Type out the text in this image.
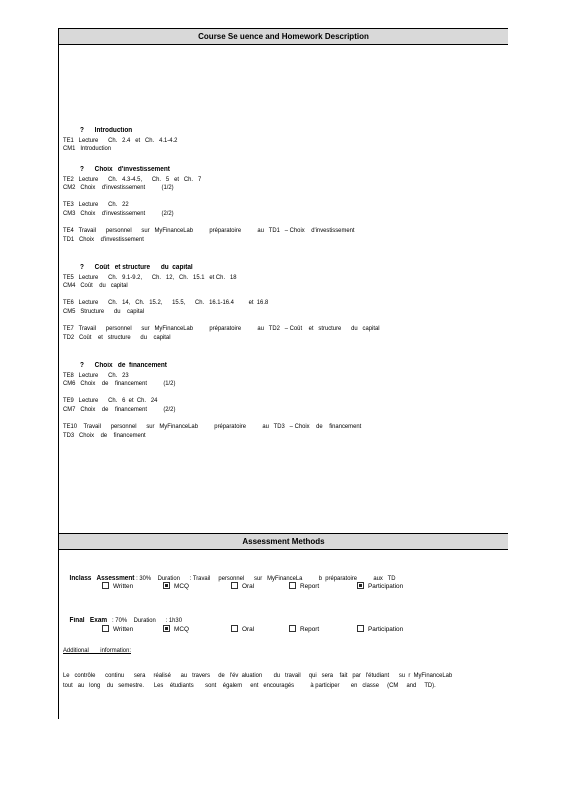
Course Se uence and Homework Description
?      Introduction
TE1   Lecture      Ch.   2.4   et   Ch.   4.1-4.2
CM1   Introduction
?      Choix   d'investissement
TE2   Lecture      Ch.   4.3-4.5,      Ch.   5   et   Ch.   7
CM2   Choix    d'investissement          (1/2)
TE3   Lecture      Ch.   22
CM3   Choix    d'investissement          (2/2)
TE4   Travail      personnel      sur   MyFinanceLab          préparatoire          au   TD1   – Choix    d'investissement
TD1   Choix    d'investissement
?      Coût   et structure      du  capital
TE5   Lecture      Ch.   9.1-9.2,      Ch.   12,   Ch.   15.1   et Ch.   18
CM4   Coût    du   capital
TE6   Lecture      Ch.   14,   Ch.   15.2,      15.5,      Ch.   16.1-16.4         et  16.8
CM5   Structure      du    capital
TE7   Travail      personnel      sur   MyFinanceLab          préparatoire          au   TD2   – Coût    et   structure      du   capital
TD2   Coût    et   structure      du    capital
?      Choix   de  financement
TE8   Lecture      Ch.   23
CM6   Choix    de    financement          (1/2)
TE9   Lecture      Ch.   6  et  Ch.   24
CM7   Choix    de    financement          (2/2)
TE10    Travail      personnel      sur   MyFinanceLab          préparatoire          au   TD3   – Choix    de    financement
TD3   Choix    de    financement
Assessment Methods

Inclass   Assessment : 30%    Duration      : Travail     personnel      sur   MyFinanceLa          b  préparatoire          aux   TD

Written	MCQ	Oral	Report	Participation

Final   Exam   : 70%    Duration      : 1h30

Written	MCQ	Oral	Report	Participation
Additional       information:
Le   contrôle      continu      sera     réalisé      au   travers     de   l'év  aluation       du   travail     qui   sera    fait   par   l'étudiant      su  r  MyFinanceLab
tout   au   long    du   semestre.      Les    étudiants       sont    égalem     ent   encouragés          à participer       en   classe     (CM     and     TD).
